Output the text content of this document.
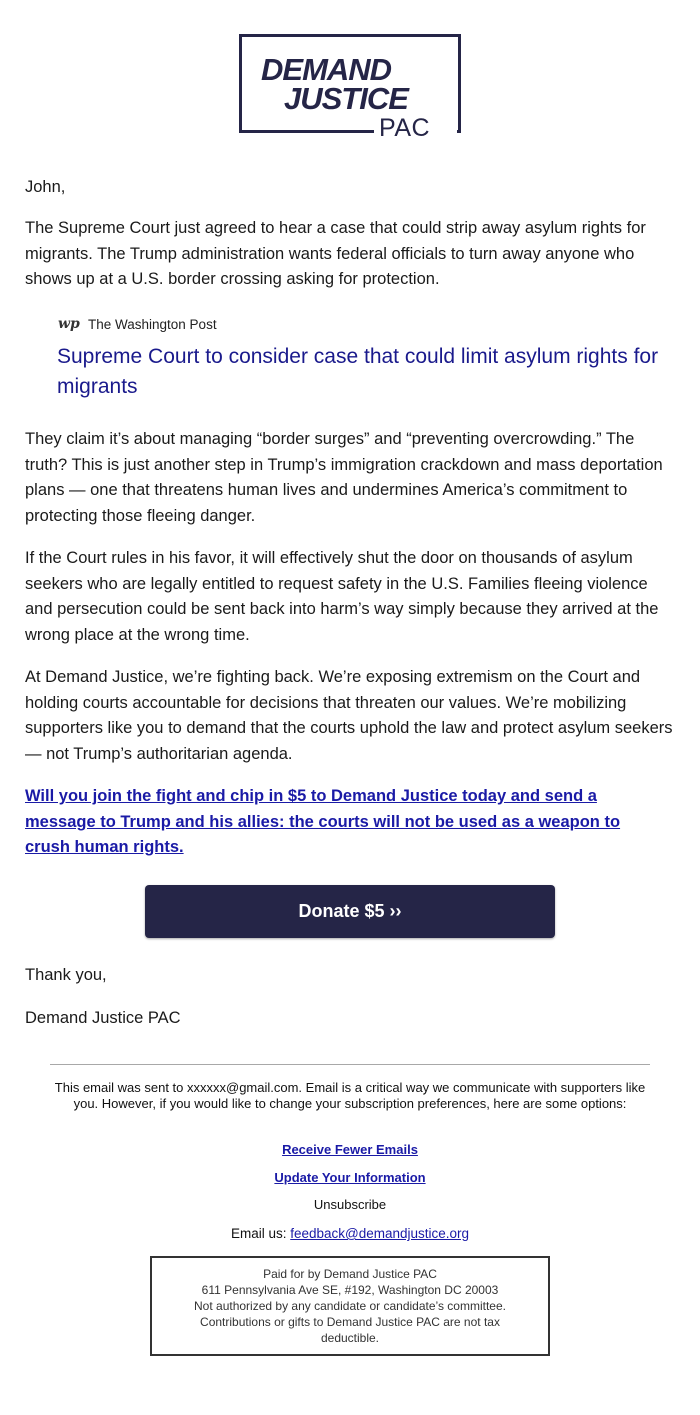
DEMAND
JUSTICE
PAC

John,

The Supreme Court just agreed to hear a case that could strip away asylum rights for migrants. The Trump administration wants federal officials to turn away anyone who shows up at a U.S. border crossing asking for protection.

wp The Washington Post
Supreme Court to consider case that could limit asylum rights for migrants

They claim it’s about managing “border surges” and “preventing overcrowding.” The truth? This is just another step in Trump’s immigration crackdown and mass deportation plans — one that threatens human lives and undermines America’s commitment to protecting those fleeing danger.

If the Court rules in his favor, it will effectively shut the door on thousands of asylum seekers who are legally entitled to request safety in the U.S. Families fleeing violence and persecution could be sent back into harm’s way simply because they arrived at the wrong place at the wrong time.

At Demand Justice, we’re fighting back. We’re exposing extremism on the Court and holding courts accountable for decisions that threaten our values. We’re mobilizing supporters like you to demand that the courts uphold the law and protect asylum seekers — not Trump’s authoritarian agenda.

Will you join the fight and chip in $5 to Demand Justice today and send a message to Trump and his allies: the courts will not be used as a weapon to crush human rights.
Donate $5 ››

Thank you,

Demand Justice PAC

This email was sent to xxxxxx@gmail.com. Email is a critical way we communicate with supporters like you. However, if you would like to change your subscription preferences, here are some options:
Receive Fewer Emails
Update Your Information
Unsubscribe
Email us: feedback@demandjustice.org
Paid for by Demand Justice PAC
611 Pennsylvania Ave SE, #192, Washington DC 20003
Not authorized by any candidate or candidate’s committee.
Contributions or gifts to Demand Justice PAC are not tax deductible.
